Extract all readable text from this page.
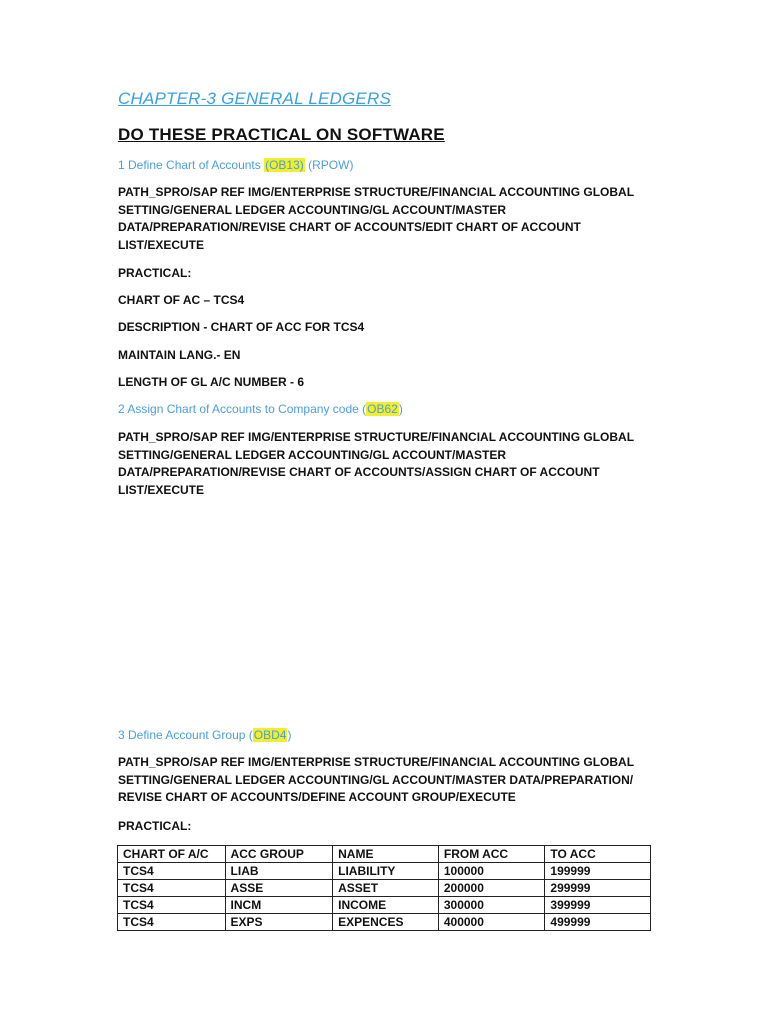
CHAPTER-3 GENERAL LEDGERS
DO THESE PRACTICAL ON SOFTWARE
1 Define Chart of Accounts (OB13) (RPOW)
PATH_SPRO/SAP REF IMG/ENTERPRISE STRUCTURE/FINANCIAL ACCOUNTING GLOBAL
SETTING/GENERAL LEDGER ACCOUNTING/GL ACCOUNT/MASTER
DATA/PREPARATION/REVISE CHART OF ACCOUNTS/EDIT CHART OF ACCOUNT
LIST/EXECUTE
PRACTICAL:
CHART OF AC – TCS4
DESCRIPTION - CHART OF ACC FOR TCS4
MAINTAIN LANG.- EN
LENGTH OF GL A/C NUMBER - 6
2 Assign Chart of Accounts to Company code (OB62)
PATH_SPRO/SAP REF IMG/ENTERPRISE STRUCTURE/FINANCIAL ACCOUNTING GLOBAL
SETTING/GENERAL LEDGER ACCOUNTING/GL ACCOUNT/MASTER
DATA/PREPARATION/REVISE CHART OF ACCOUNTS/ASSIGN CHART OF ACCOUNT
LIST/EXECUTE
3 Define Account Group (OBD4)
PATH_SPRO/SAP REF IMG/ENTERPRISE STRUCTURE/FINANCIAL ACCOUNTING GLOBAL
SETTING/GENERAL LEDGER ACCOUNTING/GL ACCOUNT/MASTER DATA/PREPARATION/
REVISE CHART OF ACCOUNTS/DEFINE ACCOUNT GROUP/EXECUTE
PRACTICAL:
CHART OF A/C	ACC GROUP	NAME	FROM ACC	TO ACC
TCS4	LIAB	LIABILITY	100000	199999
TCS4	ASSE	ASSET	200000	299999
TCS4	INCM	INCOME	300000	399999
TCS4	EXPS	EXPENCES	400000	499999
